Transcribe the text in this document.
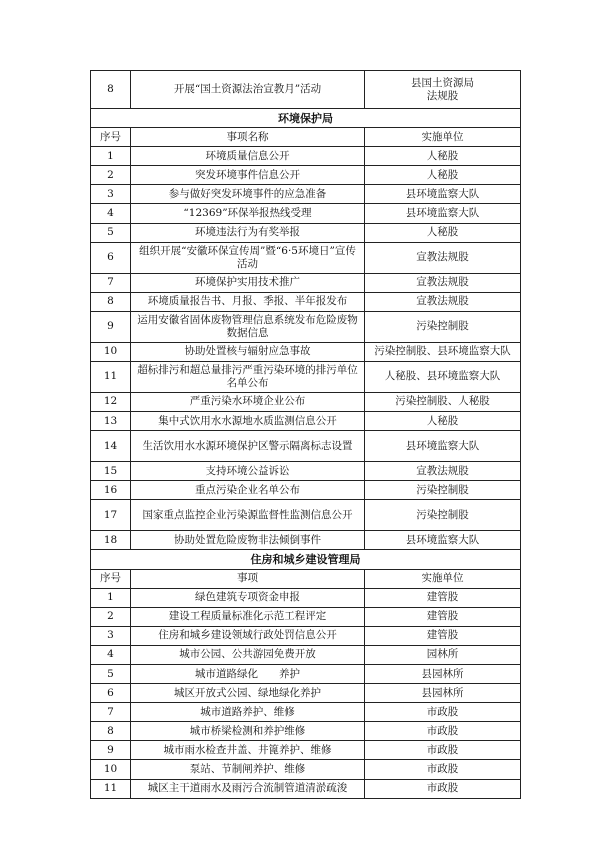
8	开展“国土资源法治宣教月”活动	县国土资源局
法规股
环境保护局		
序号	事项名称	实施单位
1	环境质量信息公开	人秘股
2	突发环境事件信息公开	人秘股
3	参与做好突发环境事件的应急准备	县环境监察大队
4	“12369”环保举报热线受理	县环境监察大队
5	环境违法行为有奖举报	人秘股
6	组织开展“安徽环保宣传周”暨“6·5环境日”宣传活动	宣教法规股
7	环境保护实用技术推广	宣教法规股
8	环境质量报告书、月报、季报、半年报发布	宣教法规股
9	运用安徽省固体废物管理信息系统发布危险废物数据信息	污染控制股
10	协助处置核与辐射应急事故	污染控制股、县环境监察大队
11	超标排污和超总量排污严重污染环境的排污单位名单公布	人秘股、县环境监察大队
12	严重污染水环境企业公布	污染控制股、人秘股
13	集中式饮用水水源地水质监测信息公开	人秘股
14	生活饮用水水源环境保护区警示隔离标志设置	县环境监察大队
15	支持环境公益诉讼	宣教法规股
16	重点污染企业名单公布	污染控制股
17	国家重点监控企业污染源监督性监测信息公开	污染控制股
18	协助处置危险废物非法倾倒事件	县环境监察大队
住房和城乡建设管理局		
序号	事项	实施单位
1	绿色建筑专项资金申报	建管股
2	建设工程质量标准化示范工程评定	建管股
3	住房和城乡建设领域行政处罚信息公开	建管股
4	城市公园、公共游园免费开放	园林所
5	城市道路绿化　　养护	县园林所
6	城区开放式公园、绿地绿化养护	县园林所
7	城市道路养护、维修	市政股
8	城市桥梁检测和养护维修	市政股
9	城市雨水检查井盖、井篦养护、维修	市政股
10	泵站、节制闸养护、维修	市政股
11	城区主干道雨水及雨污合流制管道清淤疏浚	市政股
